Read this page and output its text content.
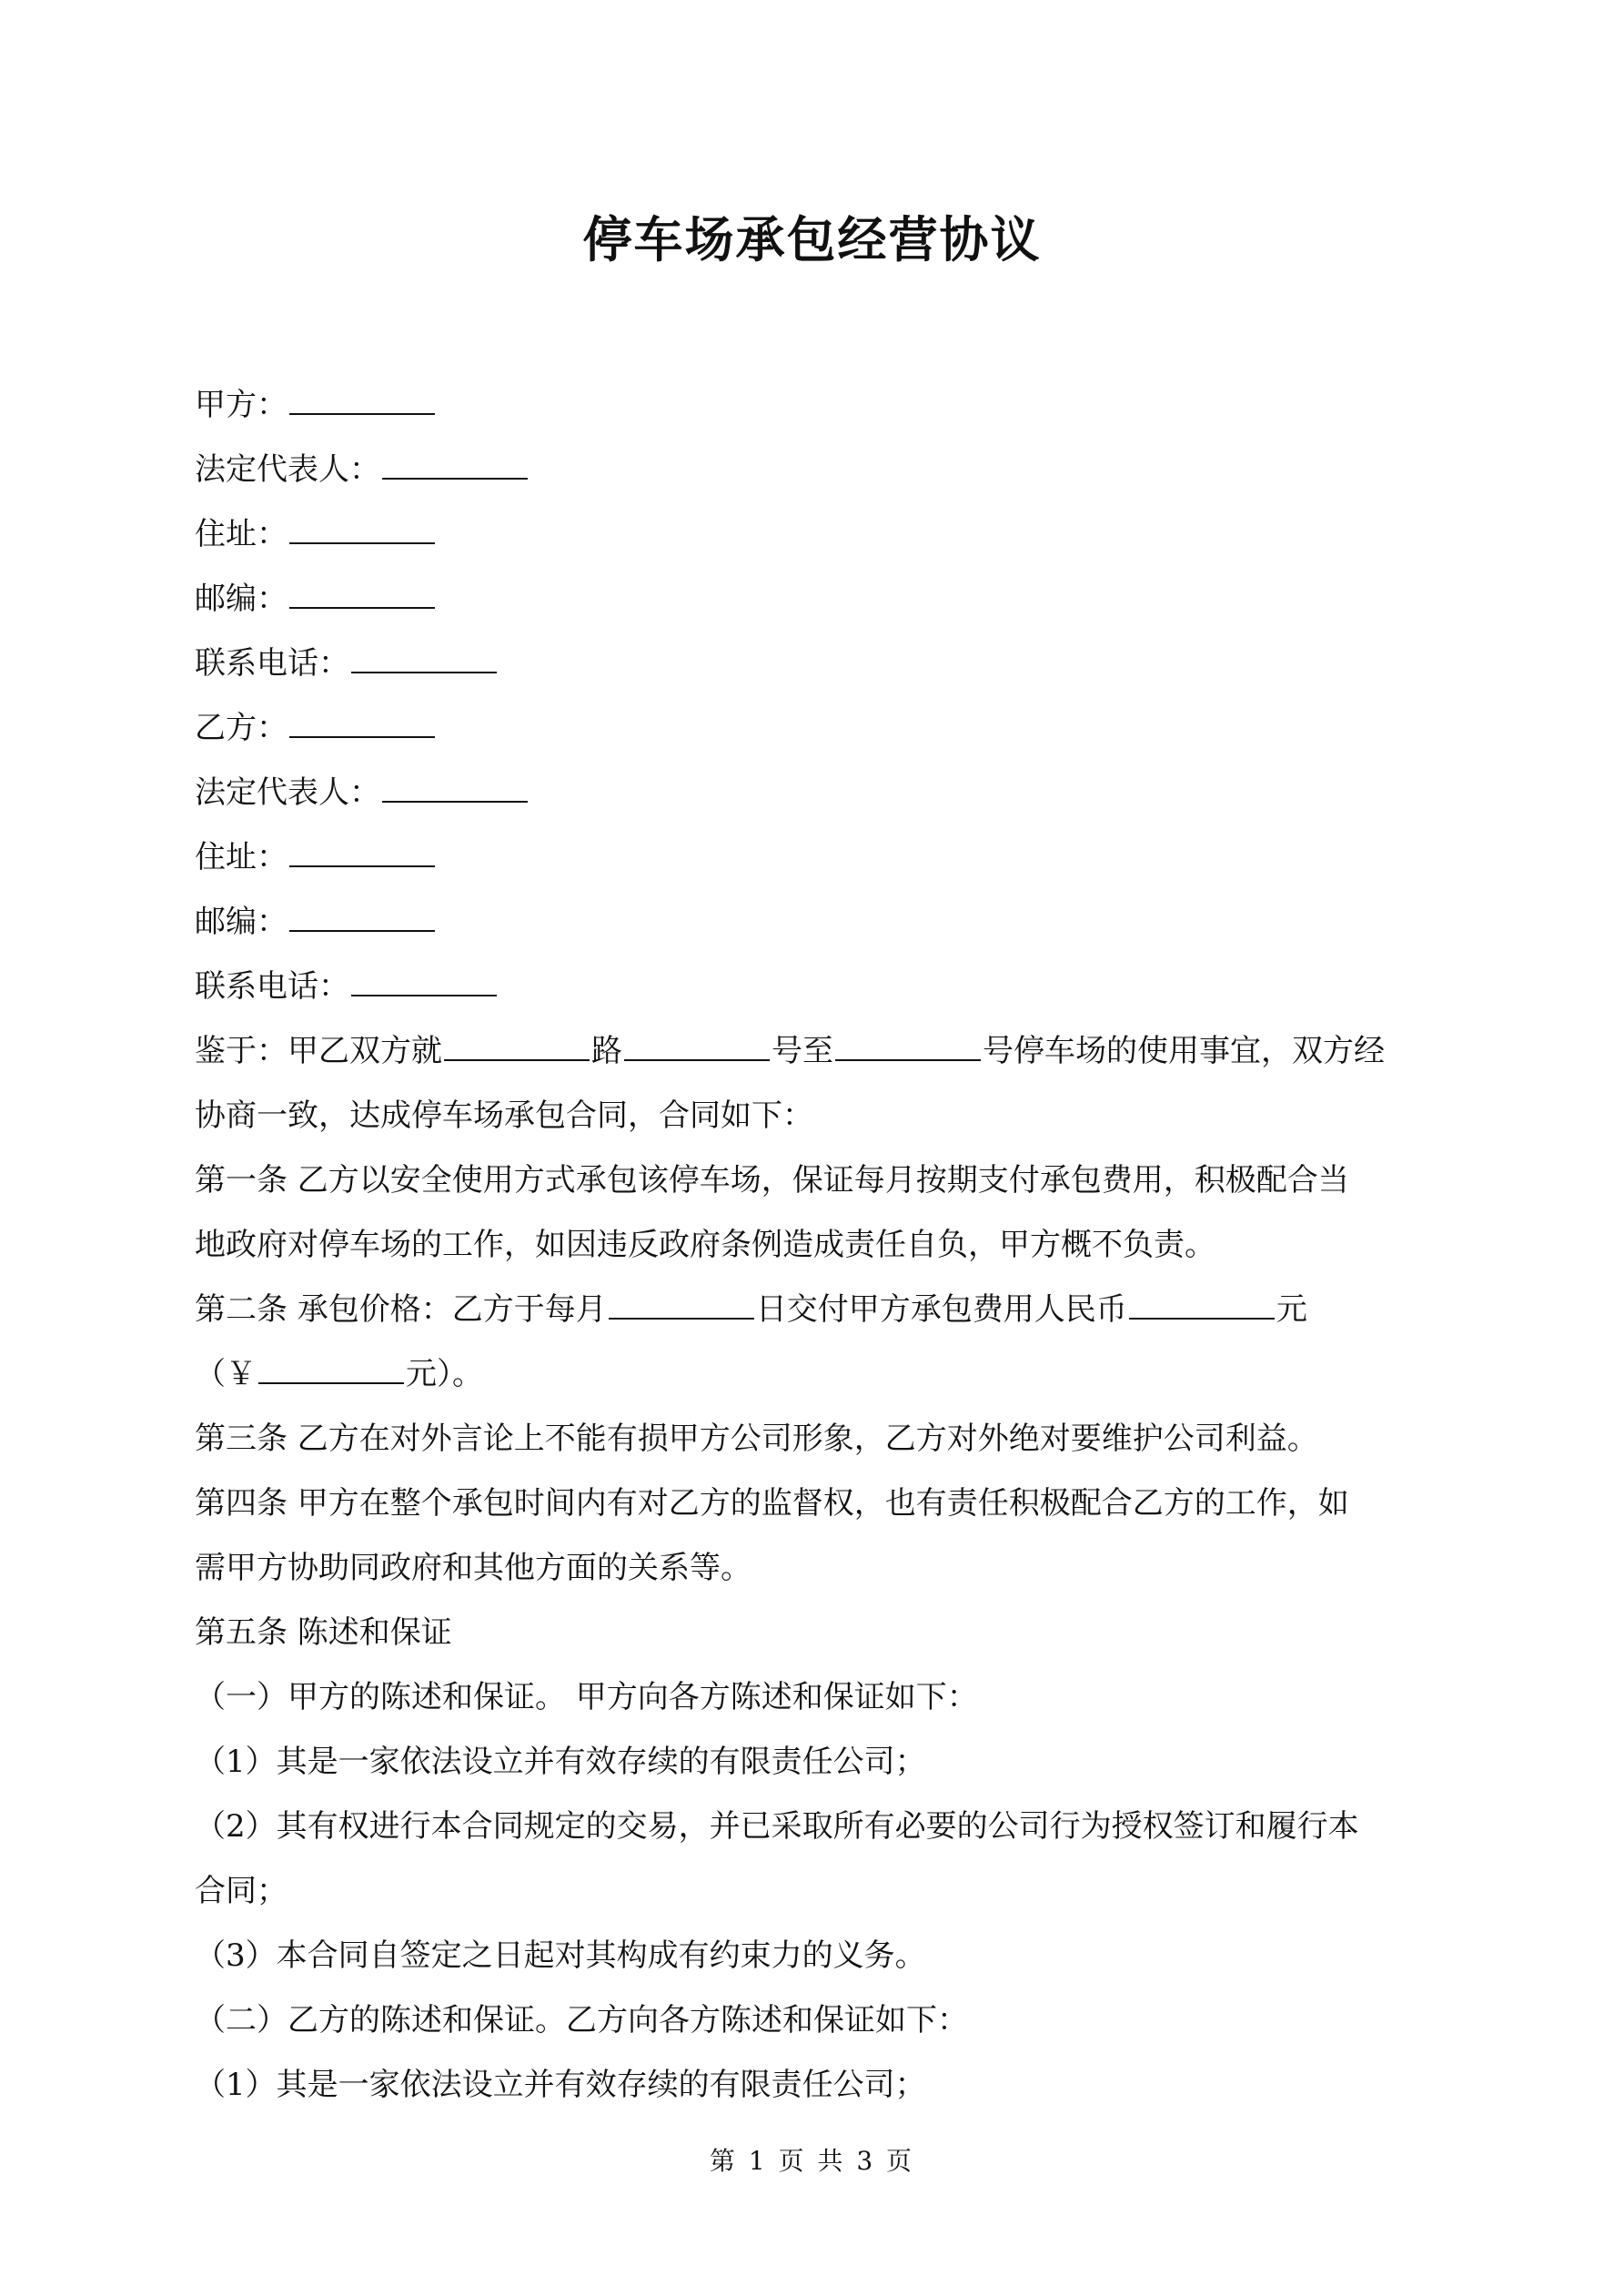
停车场承包经营协议
甲方：
法定代表人：
住址：
邮编：
联系电话：
乙方：
法定代表人：
住址：
邮编：
联系电话：
鉴于：甲乙双方就	路	号至	号停车场的使用事宜，双方经
协商一致，达成停车场承包合同，合同如下：
第一条 乙方以安全使用方式承包该停车场，保证每月按期支付承包费用，积极配合当
地政府对停车场的工作，如因违反政府条例造成责任自负，甲方概不负责。
第二条 承包价格：乙方于每月	日交付甲方承包费用人民币	元
（￥	元）。
第三条 乙方在对外言论上不能有损甲方公司形象，乙方对外绝对要维护公司利益。
第四条 甲方在整个承包时间内有对乙方的监督权，也有责任积极配合乙方的工作，如
需甲方协助同政府和其他方面的关系等。
第五条 陈述和保证
（一）甲方的陈述和保证。 甲方向各方陈述和保证如下：
（1）其是一家依法设立并有效存续的有限责任公司；
（2）其有权进行本合同规定的交易，并已采取所有必要的公司行为授权签订和履行本
合同；
（3）本合同自签定之日起对其构成有约束力的义务。
（二）乙方的陈述和保证。乙方向各方陈述和保证如下：
（1）其是一家依法设立并有效存续的有限责任公司；
第 1 页 共 3 页
